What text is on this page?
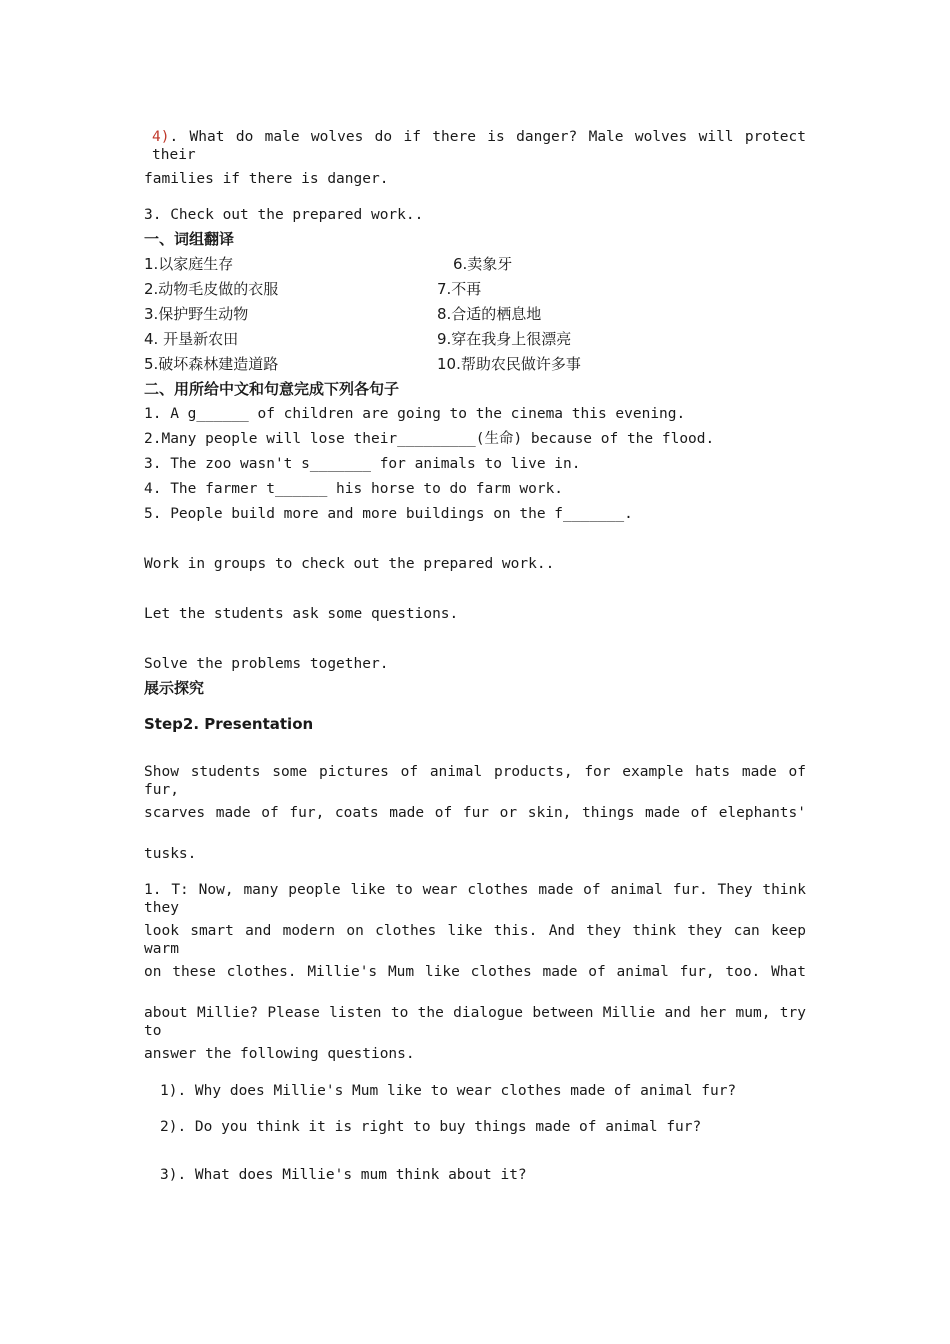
4). What do male wolves do if there is danger? Male wolves will protect their
families if there is danger.
3. Check out the prepared work..
一、词组翻译
1.以家庭生存	6.卖象牙
2.动物毛皮做的衣服	7.不再
3.保护野生动物	8.合适的栖息地
4. 开垦新农田	9.穿在我身上很漂亮
5.破坏森林建造道路	10.帮助农民做许多事
二、用所给中文和句意完成下列各句子
1. A g______ of children are going to the cinema this evening.
2.Many people will lose their_________(生命) because of the flood.
3. The zoo wasn't s_______ for animals to live in.
4. The farmer t______ his horse to do farm work.
5. People build more and more buildings on the f_______.
Work in groups to check out the prepared work..
Let the students ask some questions.
Solve the problems together.
展示探究
Step2. Presentation
Show students some pictures of animal products, for example hats made of fur,
scarves made of fur, coats made of fur or skin, things made of elephants'
tusks.
1. T: Now, many people like to wear clothes made of animal fur. They think they
look smart and modern on clothes like this. And they think they can keep warm
on these clothes. Millie's Mum like clothes made of animal fur, too. What
about Millie? Please listen to the dialogue between Millie and her mum, try to
answer the following questions.
1). Why does Millie's Mum like to wear clothes made of animal fur?
2). Do you think it is right to buy things made of animal fur?
3). What does Millie's mum think about it?
